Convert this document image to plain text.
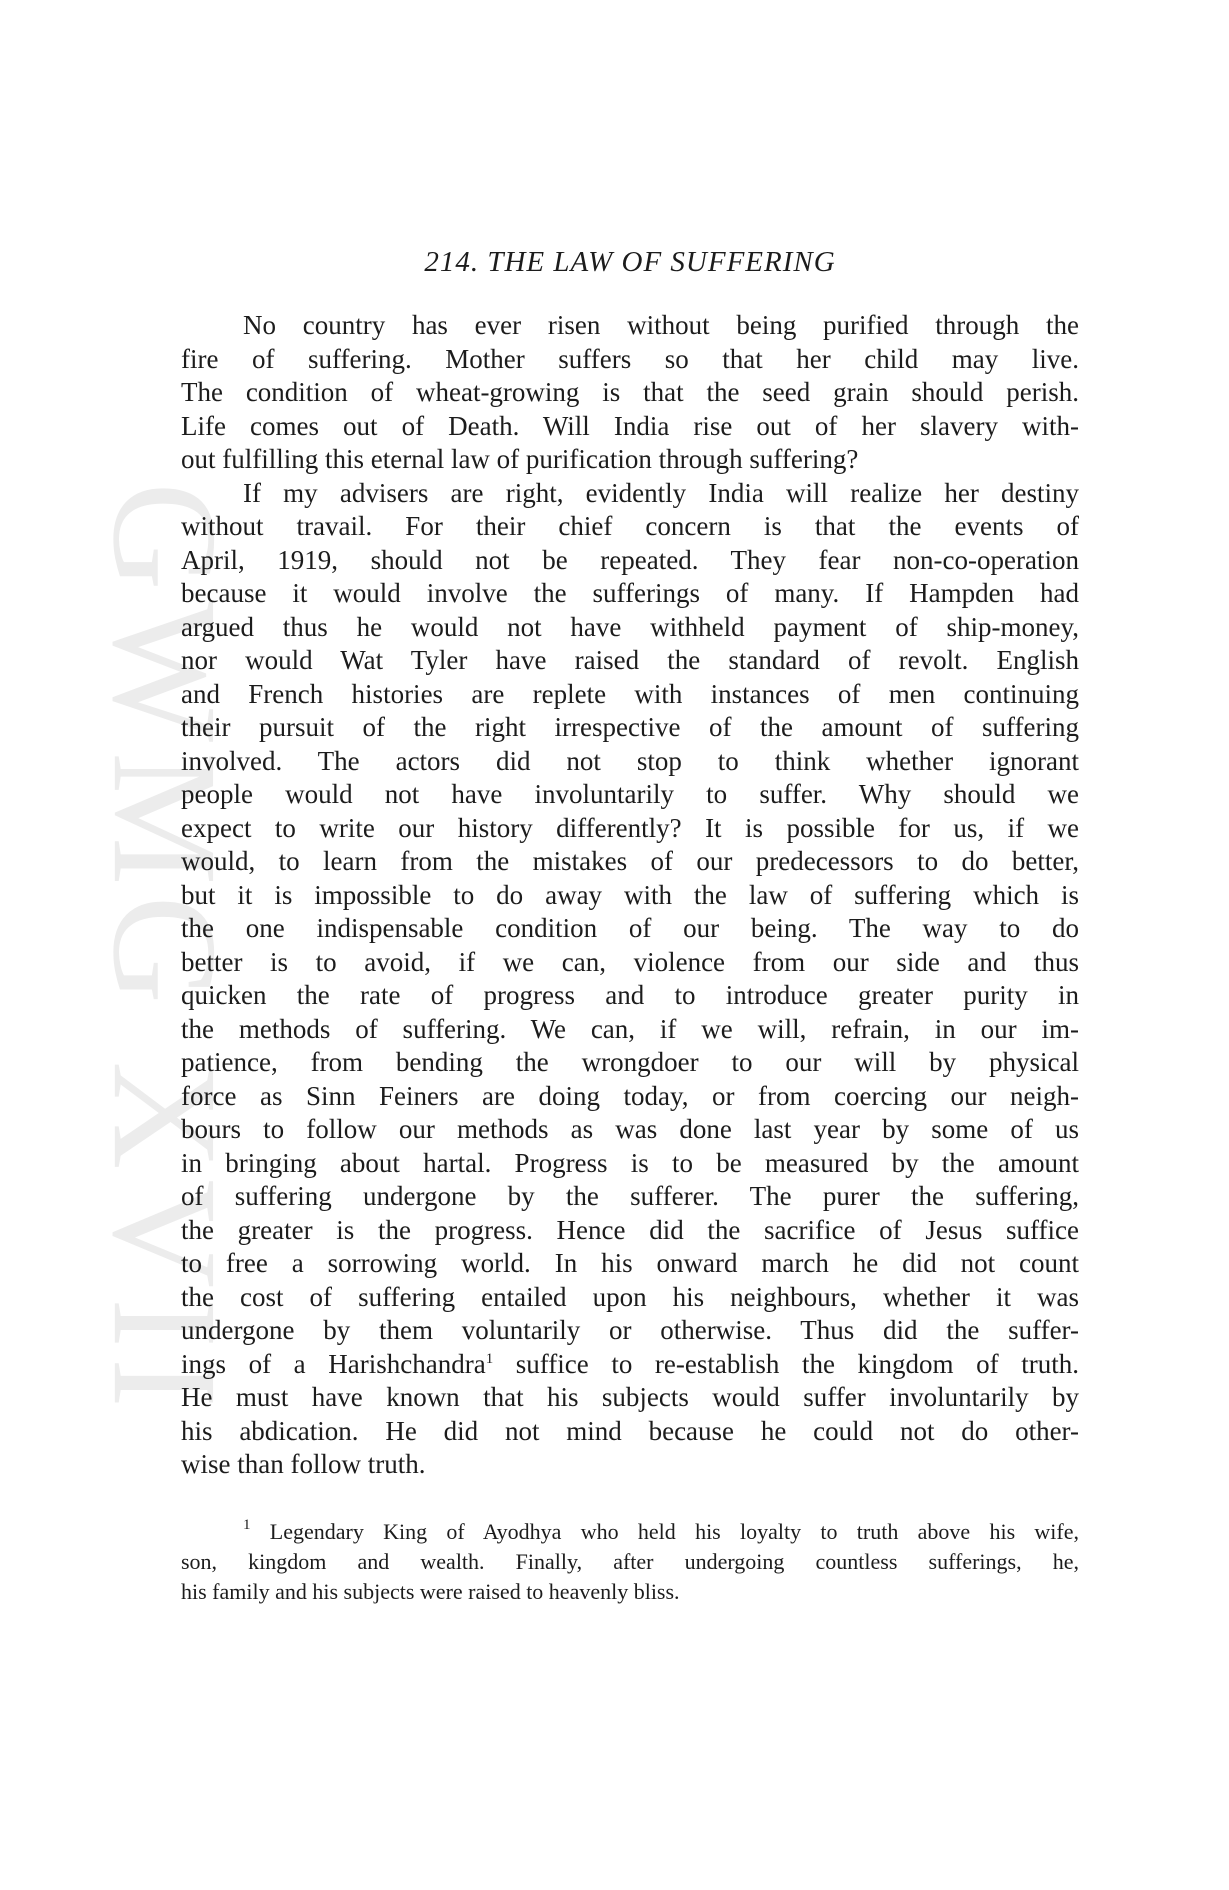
GWMG XVII
214. THE LAW OF SUFFERING
No country has ever risen without being purified through the
fire of suffering. Mother suffers so that her child may live.
The condition of wheat-growing is that the seed grain should perish.
Life comes out of Death. Will India rise out of her slavery with-
out fulfilling this eternal law of purification through suffering?
If my advisers are right, evidently India will realize her destiny
without travail. For their chief concern is that the events of
April, 1919, should not be repeated. They fear non-co-operation
because it would involve the sufferings of many. If Hampden had
argued thus he would not have withheld payment of ship-money,
nor would Wat Tyler have raised the standard of revolt. English
and French histories are replete with instances of men continuing
their pursuit of the right irrespective of the amount of suffering
involved. The actors did not stop to think whether ignorant
people would not have involuntarily to suffer. Why should we
expect to write our history differently? It is possible for us, if we
would, to learn from the mistakes of our predecessors to do better,
but it is impossible to do away with the law of suffering which is
the one indispensable condition of our being. The way to do
better is to avoid, if we can, violence from our side and thus
quicken the rate of progress and to introduce greater purity in
the methods of suffering. We can, if we will, refrain, in our im-
patience, from bending the wrongdoer to our will by physical
force as Sinn Feiners are doing today, or from coercing our neigh-
bours to follow our methods as was done last year by some of us
in bringing about hartal. Progress is to be measured by the amount
of suffering undergone by the sufferer. The purer the suffering,
the greater is the progress. Hence did the sacrifice of Jesus suffice
to free a sorrowing world. In his onward march he did not count
the cost of suffering entailed upon his neighbours, whether it was
undergone by them voluntarily or otherwise. Thus did the suffer-
ings of a Harishchandra$^1$ suffice to re-establish the kingdom of truth.
He must have known that his subjects would suffer involuntarily by
his abdication. He did not mind because he could not do other-
wise than follow truth.
$^1$ Legendary King of Ayodhya who held his loyalty to truth above his wife,
son, kingdom and wealth. Finally, after undergoing countless sufferings, he,
his family and his subjects were raised to heavenly bliss.
